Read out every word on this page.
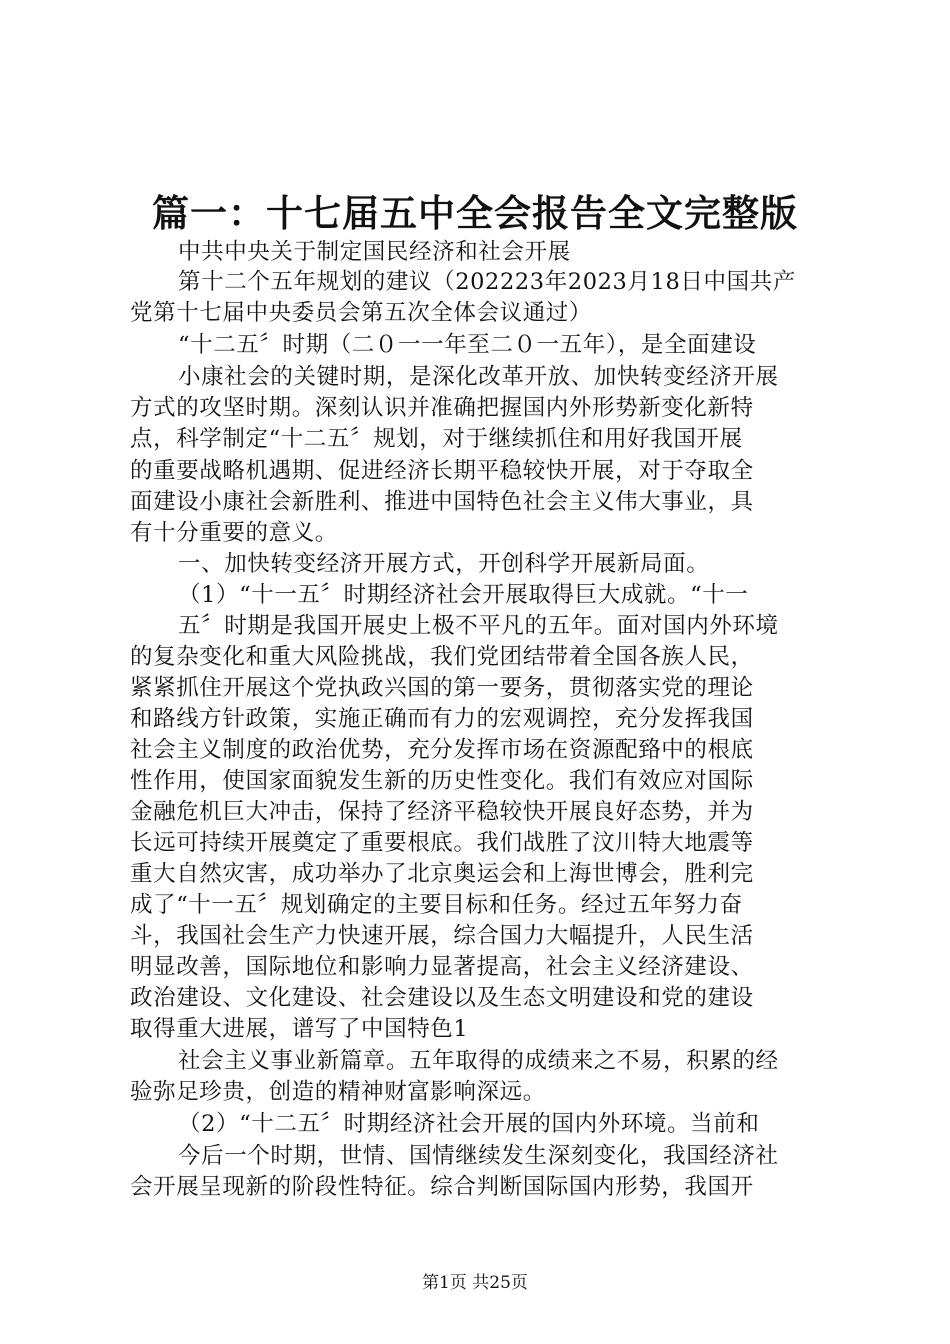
篇一：十七届五中全会报告全文完整版
中共中央关于制定国民经济和社会开展
第十二个五年规划的建议（202223年2023月18日中国共产
党第十七届中央委员会第五次全体会议通过）
“十二五〞时期（二０一一年至二０一五年），是全面建设
小康社会的关键时期，是深化改革开放、加快转变经济开展
方式的攻坚时期。深刻认识并准确把握国内外形势新变化新特
点，科学制定“十二五〞规划，对于继续抓住和用好我国开展
的重要战略机遇期、促进经济长期平稳较快开展，对于夺取全
面建设小康社会新胜利、推进中国特色社会主义伟大事业，具
有十分重要的意义。
一、加快转变经济开展方式，开创科学开展新局面。
（1）“十一五〞时期经济社会开展取得巨大成就。“十一
五〞时期是我国开展史上极不平凡的五年。面对国内外环境
的复杂变化和重大风险挑战，我们党团结带着全国各族人民，
紧紧抓住开展这个党执政兴国的第一要务，贯彻落实党的理论
和路线方针政策，实施正确而有力的宏观调控，充分发挥我国
社会主义制度的政治优势，充分发挥市场在资源配臵中的根底
性作用，使国家面貌发生新的历史性变化。我们有效应对国际
金融危机巨大冲击，保持了经济平稳较快开展良好态势，并为
长远可持续开展奠定了重要根底。我们战胜了汶川特大地震等
重大自然灾害，成功举办了北京奥运会和上海世博会，胜利完
成了“十一五〞规划确定的主要目标和任务。经过五年努力奋
斗，我国社会生产力快速开展，综合国力大幅提升，人民生活
明显改善，国际地位和影响力显著提高，社会主义经济建设、
政治建设、文化建设、社会建设以及生态文明建设和党的建设
取得重大进展，谱写了中国特色1
社会主义事业新篇章。五年取得的成绩来之不易，积累的经
验弥足珍贵，创造的精神财富影响深远。
（2）“十二五〞时期经济社会开展的国内外环境。当前和
今后一个时期，世情、国情继续发生深刻变化，我国经济社
会开展呈现新的阶段性特征。综合判断国际国内形势，我国开
第1页 共25页
